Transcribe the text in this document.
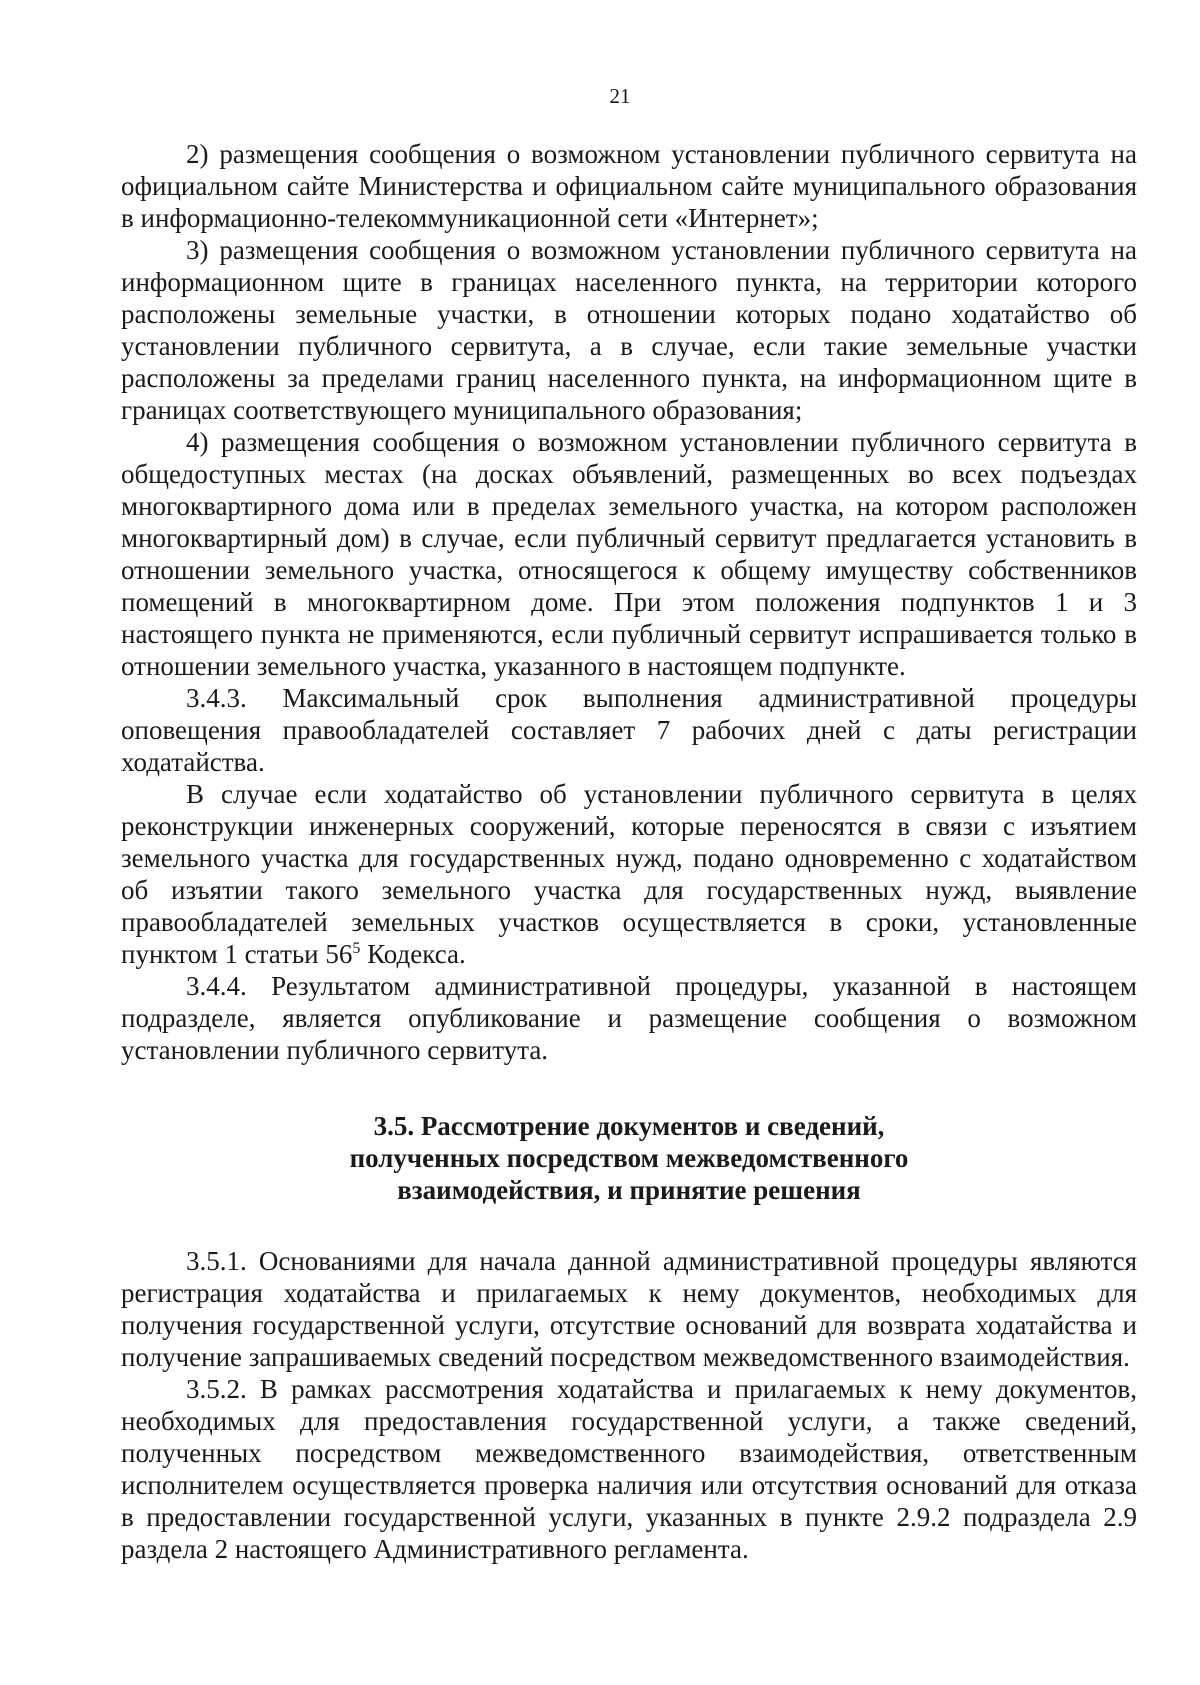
21

2) размещения сообщения о возможном установлении публичного сервитута на официальном сайте Министерства и официальном сайте муниципального образования в информационно-телекоммуникационной сети «Интернет»;

3) размещения сообщения о возможном установлении публичного сервитута на информационном щите в границах населенного пункта, на территории которого расположены земельные участки, в отношении которых подано ходатайство об установлении публичного сервитута, а в случае, если такие земельные участки расположены за пределами границ населенного пункта, на информационном щите в границах соответствующего муниципального образования;

4) размещения сообщения о возможном установлении публичного сервитута в общедоступных местах (на досках объявлений, размещенных во всех подъездах многоквартирного дома или в пределах земельного участка, на котором расположен многоквартирный дом) в случае, если публичный сервитут предлагается установить в отношении земельного участка, относящегося к общему имуществу собственников помещений в многоквартирном доме. При этом положения подпунктов 1 и 3 настоящего пункта не применяются, если публичный сервитут испрашивается только в отношении земельного участка, указанного в настоящем подпункте.

3.4.3. Максимальный срок выполнения административной процедуры оповещения правообладателей составляет 7 рабочих дней с даты регистрации ходатайства.

В случае если ходатайство об установлении публичного сервитута в целях реконструкции инженерных сооружений, которые переносятся в связи с изъятием земельного участка для государственных нужд, подано одновременно с ходатайством об изъятии такого земельного участка для государственных нужд, выявление правообладателей земельных участков осуществляется в сроки, установленные пунктом 1 статьи $56^5$ Кодекса.

3.4.4. Результатом административной процедуры, указанной в настоящем подразделе, является опубликование и размещение сообщения о возможном установлении публичного сервитута.

3.5. Рассмотрение документов и сведений,
полученных посредством межведомственного
взаимодействия, и принятие решения

3.5.1. Основаниями для начала данной административной процедуры являются регистрация ходатайства и прилагаемых к нему документов, необходимых для получения государственной услуги, отсутствие оснований для возврата ходатайства и получение запрашиваемых сведений посредством межведомственного взаимодействия.

3.5.2. В рамках рассмотрения ходатайства и прилагаемых к нему документов, необходимых для предоставления государственной услуги, а также сведений, полученных посредством межведомственного взаимодействия, ответственным исполнителем осуществляется проверка наличия или отсутствия оснований для отказа в предоставлении государственной услуги, указанных в пункте 2.9.2 подраздела 2.9 раздела 2 настоящего Административного регламента.
